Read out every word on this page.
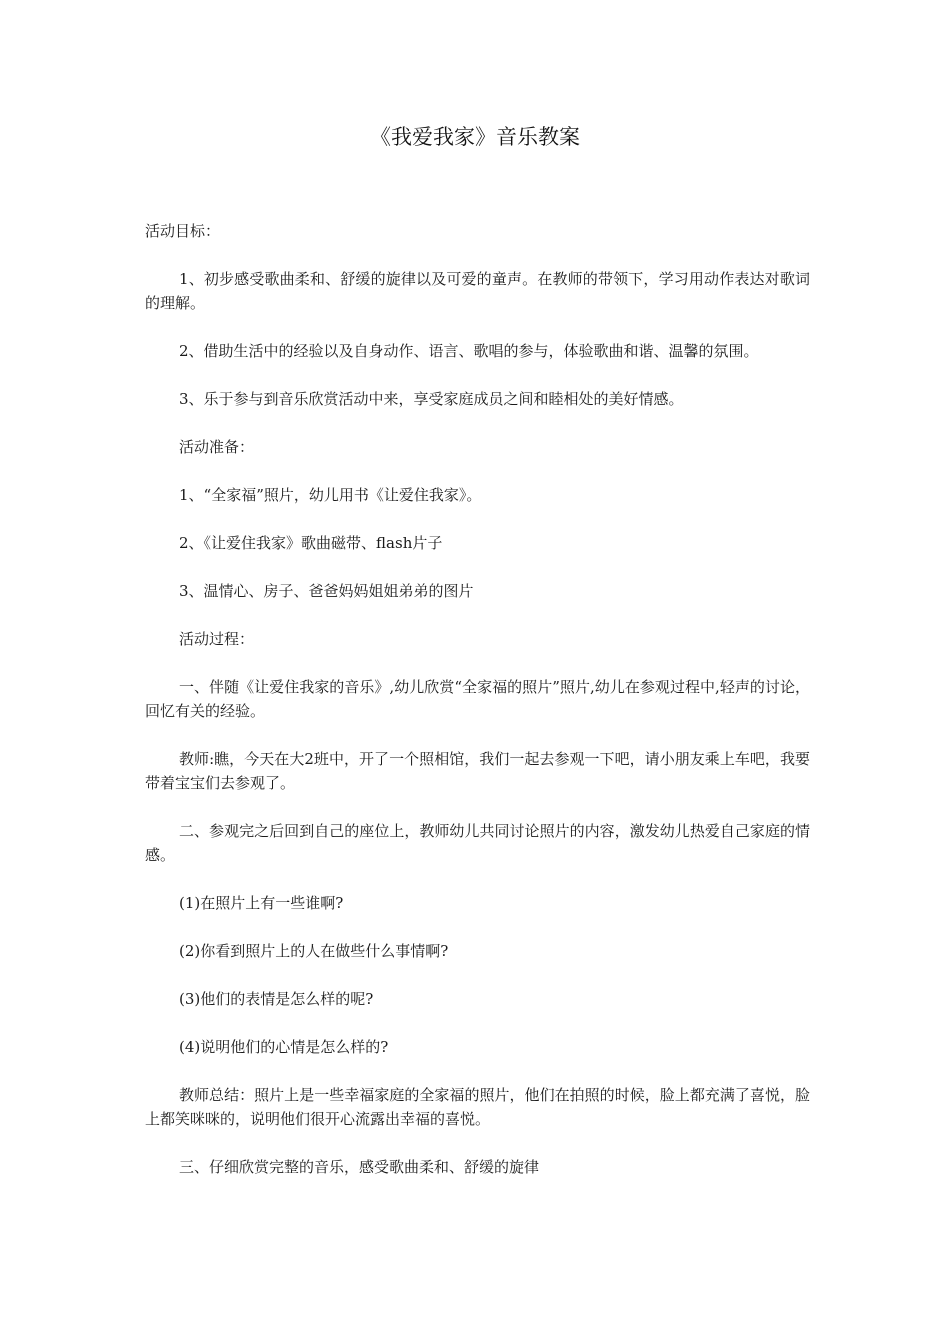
《我爱我家》音乐教案

活动目标：

1、初步感受歌曲柔和、舒缓的旋律以及可爱的童声。在教师的带领下，学习用动作表达对歌词的理解。

2、借助生活中的经验以及自身动作、语言、歌唱的参与，体验歌曲和谐、温馨的氛围。

3、乐于参与到音乐欣赏活动中来，享受家庭成员之间和睦相处的美好情感。

活动准备：

1、“全家福”照片，幼儿用书《让爱住我家》。

2、《让爱住我家》歌曲磁带、flash片子

3、温情心、房子、爸爸妈妈姐姐弟弟的图片

活动过程：

一、伴随《让爱住我家的音乐》,幼儿欣赏“全家福的照片”照片,幼儿在参观过程中,轻声的讨论，回忆有关的经验。

教师:瞧，今天在大2班中，开了一个照相馆，我们一起去参观一下吧，请小朋友乘上车吧，我要带着宝宝们去参观了。

二、参观完之后回到自己的座位上，教师幼儿共同讨论照片的内容，激发幼儿热爱自己家庭的情感。

(1)在照片上有一些谁啊?

(2)你看到照片上的人在做些什么事情啊?

(3)他们的表情是怎么样的呢?

(4)说明他们的心情是怎么样的?

教师总结：照片上是一些幸福家庭的全家福的照片，他们在拍照的时候，脸上都充满了喜悦，脸上都笑咪咪的，说明他们很开心流露出幸福的喜悦。

三、仔细欣赏完整的音乐，感受歌曲柔和、舒缓的旋律
